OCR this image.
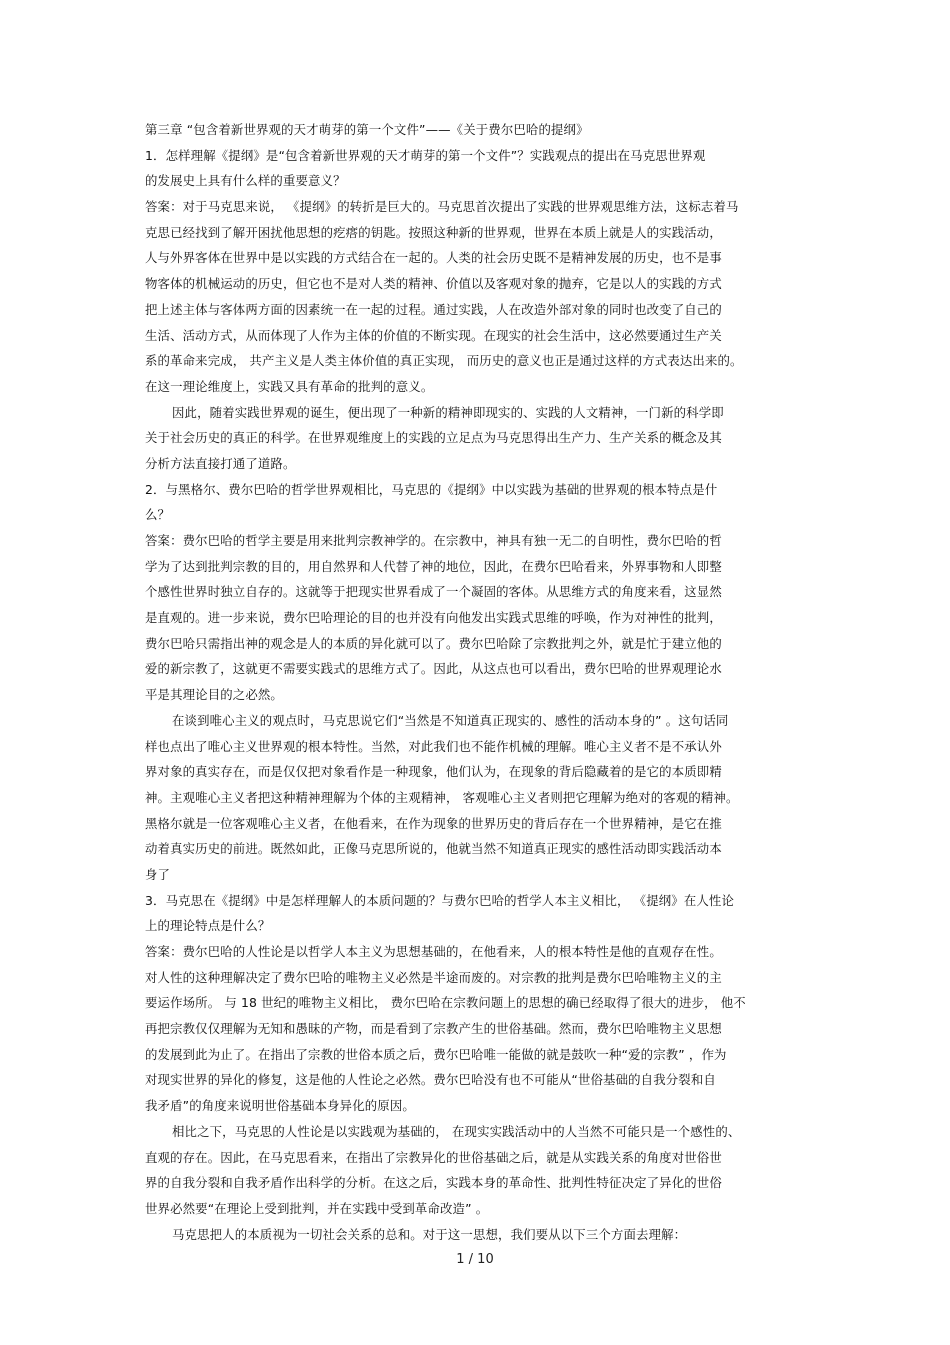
第三章 “包含着新世界观的天才萌芽的第一个文件”——《关于费尔巴哈的提纲》
1．怎样理解《提纲》是“包含着新世界观的天才萌芽的第一个文件”？实践观点的提出在马克思世界观
的发展史上具有什么样的重要意义？
答案：对于马克思来说， 《提纲》的转折是巨大的。马克思首次提出了实践的世界观思维方法，这标志着马
克思已经找到了解开困扰他思想的疙瘩的钥匙。按照这种新的世界观，世界在本质上就是人的实践活动，
人与外界客体在世界中是以实践的方式结合在一起的。人类的社会历史既不是精神发展的历史，也不是事
物客体的机械运动的历史，但它也不是对人类的精神、价值以及客观对象的抛弃，它是以人的实践的方式
把上述主体与客体两方面的因素统一在一起的过程。通过实践，人在改造外部对象的同时也改变了自己的
生活、活动方式，从而体现了人作为主体的价值的不断实现。在现实的社会生活中，这必然要通过生产关
系的革命来完成， 共产主义是人类主体价值的真正实现， 而历史的意义也正是通过这样的方式表达出来的。
在这一理论维度上，实践又具有革命的批判的意义。
因此，随着实践世界观的诞生，便出现了一种新的精神即现实的、实践的人文精神，一门新的科学即
关于社会历史的真正的科学。在世界观维度上的实践的立足点为马克思得出生产力、生产关系的概念及其
分析方法直接打通了道路。
2．与黑格尔、费尔巴哈的哲学世界观相比，马克思的《提纲》中以实践为基础的世界观的根本特点是什
么？
答案：费尔巴哈的哲学主要是用来批判宗教神学的。在宗教中，神具有独一无二的自明性，费尔巴哈的哲
学为了达到批判宗教的目的，用自然界和人代替了神的地位，因此，在费尔巴哈看来，外界事物和人即整
个感性世界时独立自存的。这就等于把现实世界看成了一个凝固的客体。从思维方式的角度来看，这显然
是直观的。进一步来说，费尔巴哈理论的目的也并没有向他发出实践式思维的呼唤，作为对神性的批判，
费尔巴哈只需指出神的观念是人的本质的异化就可以了。费尔巴哈除了宗教批判之外，就是忙于建立他的
爱的新宗教了，这就更不需要实践式的思维方式了。因此，从这点也可以看出，费尔巴哈的世界观理论水
平是其理论目的之必然。
在谈到唯心主义的观点时，马克思说它们“当然是不知道真正现实的、感性的活动本身的” 。这句话同
样也点出了唯心主义世界观的根本特性。当然，对此我们也不能作机械的理解。唯心主义者不是不承认外
界对象的真实存在，而是仅仅把对象看作是一种现象，他们认为，在现象的背后隐藏着的是它的本质即精
神。主观唯心主义者把这种精神理解为个体的主观精神， 客观唯心主义者则把它理解为绝对的客观的精神。
黑格尔就是一位客观唯心主义者，在他看来，在作为现象的世界历史的背后存在一个世界精神，是它在推
动着真实历史的前进。既然如此，正像马克思所说的，他就当然不知道真正现实的感性活动即实践活动本
身了
3．马克思在《提纲》中是怎样理解人的本质问题的？与费尔巴哈的哲学人本主义相比， 《提纲》在人性论
上的理论特点是什么？
答案：费尔巴哈的人性论是以哲学人本主义为思想基础的，在他看来，人的根本特性是他的直观存在性。
对人性的这种理解决定了费尔巴哈的唯物主义必然是半途而废的。对宗教的批判是费尔巴哈唯物主义的主
要运作场所。 与 18 世纪的唯物主义相比， 费尔巴哈在宗教问题上的思想的确已经取得了很大的进步， 他不
再把宗教仅仅理解为无知和愚昧的产物，而是看到了宗教产生的世俗基础。然而，费尔巴哈唯物主义思想
的发展到此为止了。在指出了宗教的世俗本质之后，费尔巴哈唯一能做的就是鼓吹一种“爱的宗教” ，作为
对现实世界的异化的修复，这是他的人性论之必然。费尔巴哈没有也不可能从“世俗基础的自我分裂和自
我矛盾”的角度来说明世俗基础本身异化的原因。
相比之下，马克思的人性论是以实践观为基础的， 在现实实践活动中的人当然不可能只是一个感性的、
直观的存在。因此，在马克思看来，在指出了宗教异化的世俗基础之后，就是从实践关系的角度对世俗世
界的自我分裂和自我矛盾作出科学的分析。在这之后，实践本身的革命性、批判性特征决定了异化的世俗
世界必然要“在理论上受到批判，并在实践中受到革命改造” 。
马克思把人的本质视为一切社会关系的总和。对于这一思想，我们要从以下三个方面去理解：
1 / 10
